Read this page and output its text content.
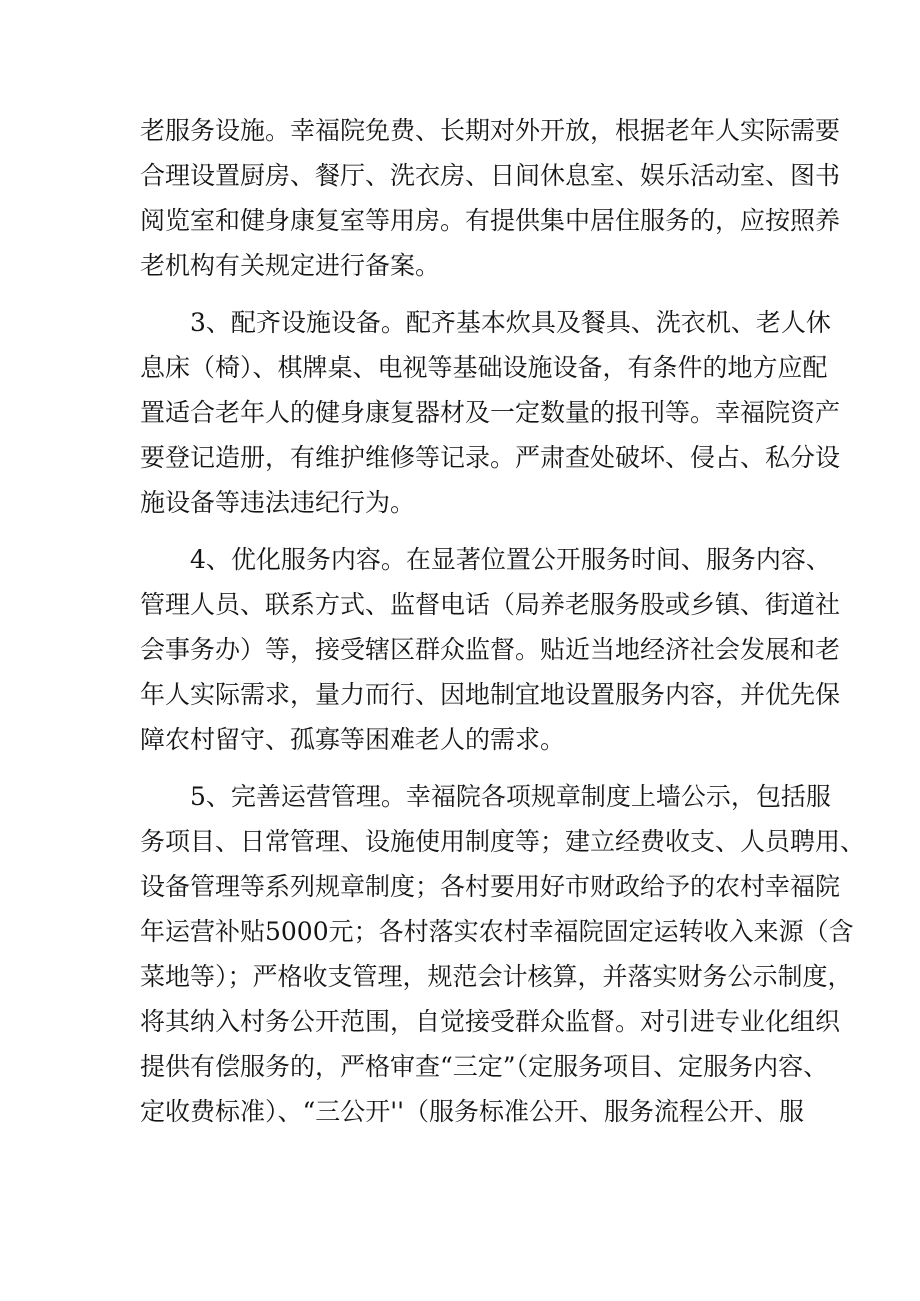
老服务设施。幸福院免费、长期对外开放，根据老年人实际需要
合理设置厨房、餐厅、洗衣房、日间休息室、娱乐活动室、图书
阅览室和健身康复室等用房。有提供集中居住服务的，应按照养
老机构有关规定进行备案。
　　3、配齐设施设备。配齐基本炊具及餐具、洗衣机、老人休
息床（椅）、棋牌桌、电视等基础设施设备，有条件的地方应配
置适合老年人的健身康复器材及一定数量的报刊等。幸福院资产
要登记造册，有维护维修等记录。严肃查处破坏、侵占、私分设
施设备等违法违纪行为。
　　4、优化服务内容。在显著位置公开服务时间、服务内容、
管理人员、联系方式、监督电话（局养老服务股或乡镇、街道社
会事务办）等，接受辖区群众监督。贴近当地经济社会发展和老
年人实际需求，量力而行、因地制宜地设置服务内容，并优先保
障农村留守、孤寡等困难老人的需求。
　　5、完善运营管理。幸福院各项规章制度上墙公示，包括服
务项目、日常管理、设施使用制度等；建立经费收支、人员聘用、
设备管理等系列规章制度；各村要用好市财政给予的农村幸福院
年运营补贴5000元；各村落实农村幸福院固定运转收入来源（含
菜地等）；严格收支管理，规范会计核算，并落实财务公示制度，
将其纳入村务公开范围，自觉接受群众监督。对引进专业化组织
提供有偿服务的，严格审查“三定”（定服务项目、定服务内容、
定收费标准）、“三公开''（服务标准公开、服务流程公开、服
